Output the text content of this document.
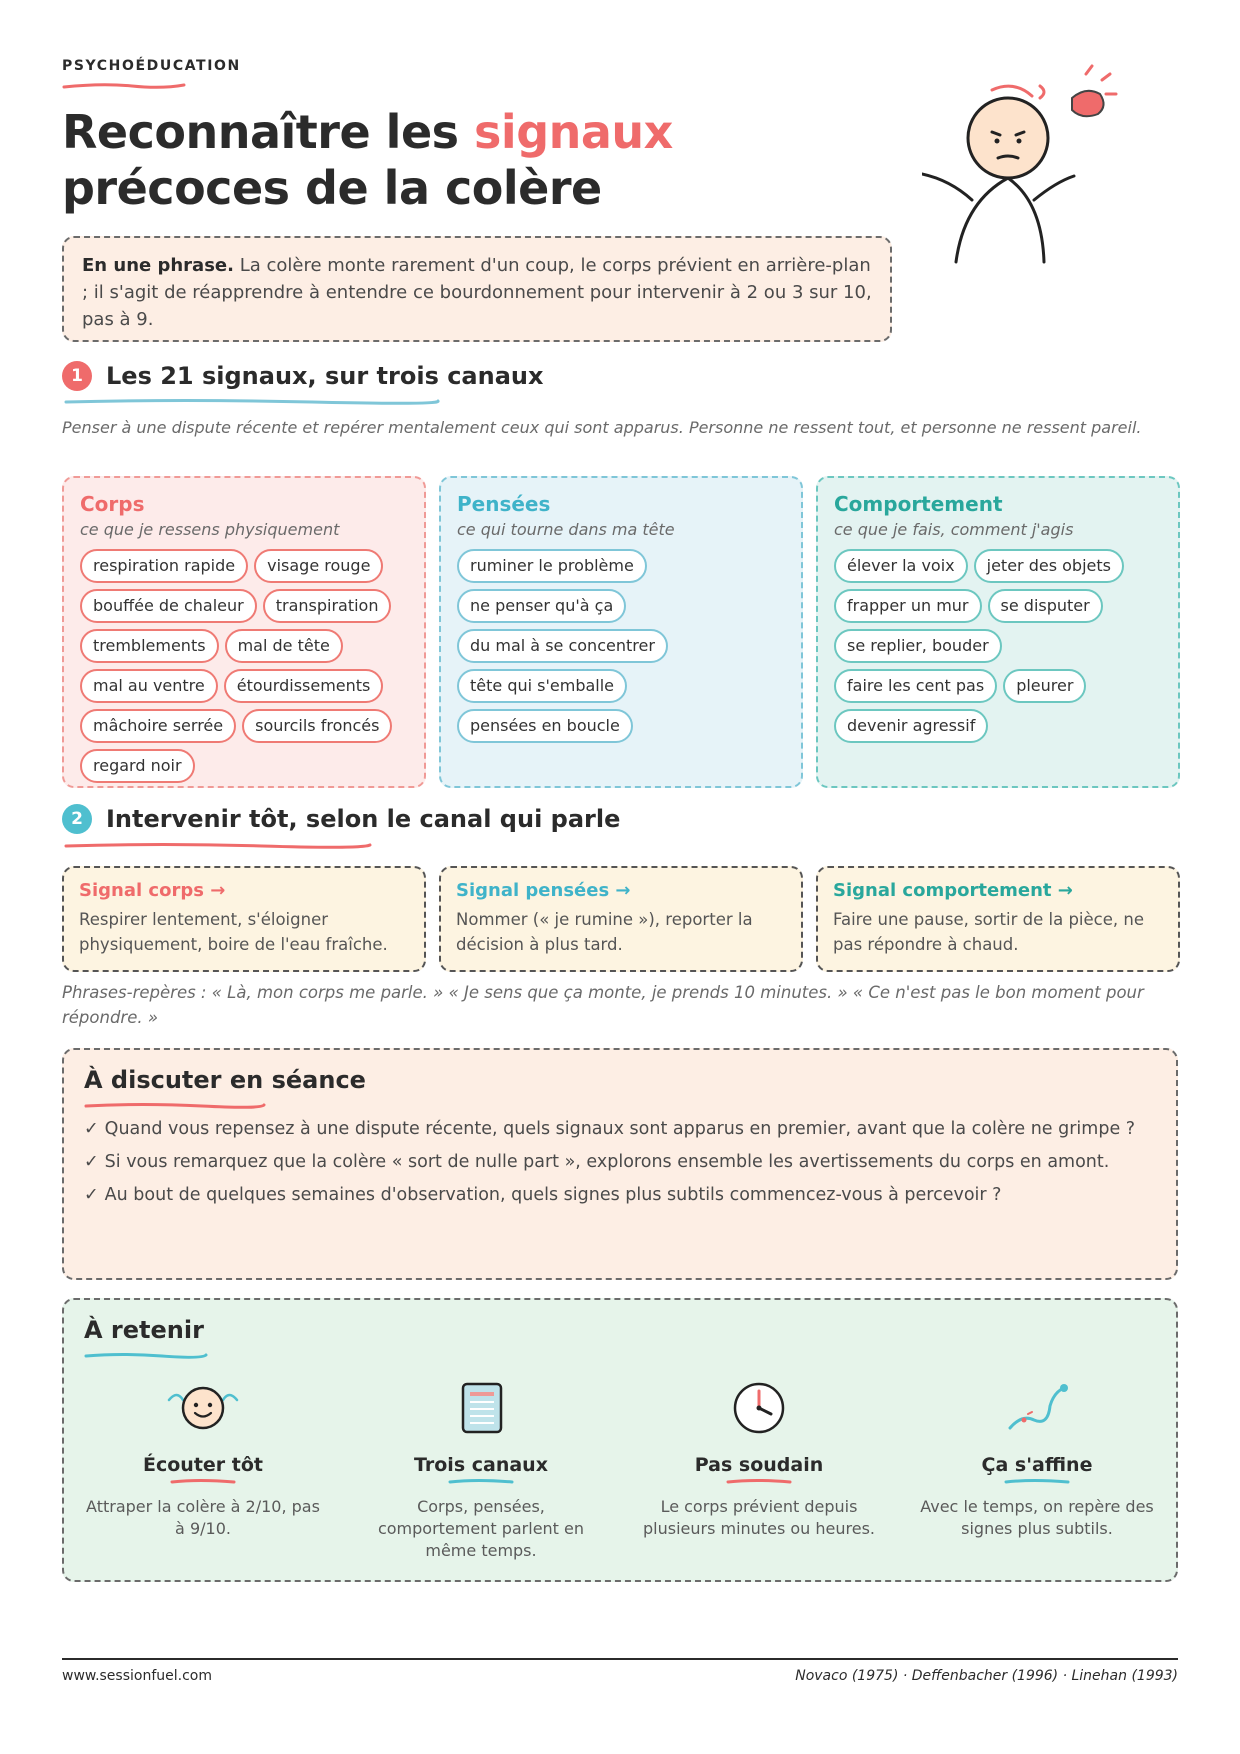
PSYCHOÉDUCATION
Reconnaître les signaux
précoces de la colère
En une phrase. La colère monte rarement d'un coup, le corps prévient en arrière-plan ; il s'agit de réapprendre à entendre ce bourdonnement pour intervenir à 2 ou 3 sur 10, pas à 9.
1 Les 21 signaux, sur trois canaux
Penser à une dispute récente et repérer mentalement ceux qui sont apparus. Personne ne ressent tout, et personne ne ressent pareil.
Corps
ce que je ressens physiquement
respiration rapide	visage rouge
bouffée de chaleur	transpiration
tremblements	mal de tête
mal au ventre	étourdissements
mâchoire serrée	sourcils froncés
regard noir
Pensées
ce qui tourne dans ma tête
ruminer le problème
ne penser qu'à ça
du mal à se concentrer
tête qui s'emballe
pensées en boucle
Comportement
ce que je fais, comment j'agis
élever la voix	jeter des objets
frapper un mur	se disputer
se replier, bouder
faire les cent pas	pleurer
devenir agressif
2 Intervenir tôt, selon le canal qui parle
Signal corps →
Respirer lentement, s'éloigner physiquement, boire de l'eau fraîche.
Signal pensées →
Nommer (« je rumine »), reporter la décision à plus tard.
Signal comportement →
Faire une pause, sortir de la pièce, ne pas répondre à chaud.
Phrases-repères : « Là, mon corps me parle. » « Je sens que ça monte, je prends 10 minutes. » « Ce n'est pas le bon moment pour répondre. »
À discuter en séance
✓ Quand vous repensez à une dispute récente, quels signaux sont apparus en premier, avant que la colère ne grimpe ?
✓ Si vous remarquez que la colère « sort de nulle part », explorons ensemble les avertissements du corps en amont.
✓ Au bout de quelques semaines d'observation, quels signes plus subtils commencez-vous à percevoir ?
À retenir
Écouter tôt
Attraper la colère à 2/10, pas à 9/10.
Trois canaux
Corps, pensées, comportement parlent en même temps.
Pas soudain
Le corps prévient depuis plusieurs minutes ou heures.
Ça s'affine
Avec le temps, on repère des signes plus subtils.
www.sessionfuel.com	Novaco (1975) · Deffenbacher (1996) · Linehan (1993)
